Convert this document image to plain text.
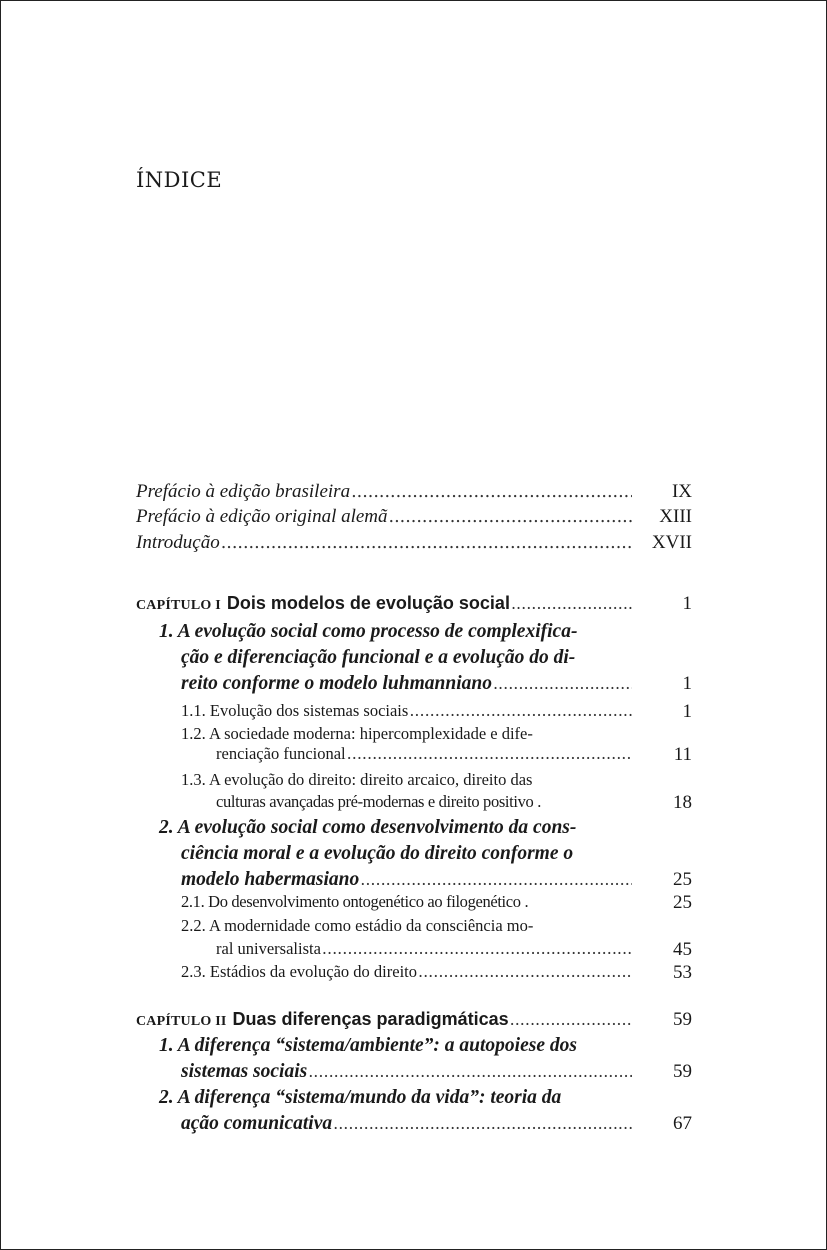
ÍNDICE
Prefácio à edição brasileira .....	IX
Prefácio à edição original alemã .....	XIII
Introdução .....	XVII
CAPÍTULO I Dois modelos de evolução social .....	1
1. A evolução social como processo de complexifica-
ção e diferenciação funcional e a evolução do di-
reito conforme o modelo luhmanniano .....	1
1.1. Evolução dos sistemas sociais .....	1
1.2. A sociedade moderna: hipercomplexidade e dife-
renciação funcional .....	11
1.3. A evolução do direito: direito arcaico, direito das
culturas avançadas pré-modernas e direito positivo .	18
2. A evolução social como desenvolvimento da cons-
ciência moral e a evolução do direito conforme o
modelo habermasiano .....	25
2.1. Do desenvolvimento ontogenético ao filogenético .	25
2.2. A modernidade como estádio da consciência mo-
ral universalista .....	45
2.3. Estádios da evolução do direito .....	53
CAPÍTULO II Duas diferenças paradigmáticas .....	59
1. A diferença “sistema/ambiente”: a autopoiese dos
sistemas sociais .....	59
2. A diferença “sistema/mundo da vida”: teoria da
ação comunicativa .....	67
